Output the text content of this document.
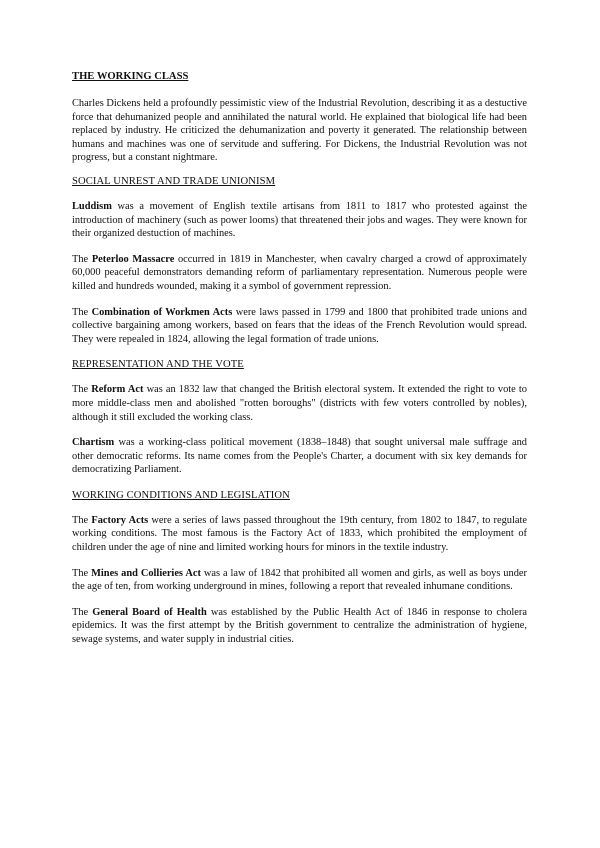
THE WORKING CLASS

Charles Dickens held a profoundly pessimistic view of the Industrial Revolution, describing it as a destuctive force that dehumanized people and annihilated the natural world. He explained that biological life had been replaced by industry. He criticized the dehumanization and poverty it generated. The relationship between humans and machines was one of servitude and suffering. For Dickens, the Industrial Revolution was not progress, but a constant nightmare.

SOCIAL UNREST AND TRADE UNIONISM

Luddism was a movement of English textile artisans from 1811 to 1817 who protested against the introduction of machinery (such as power looms) that threatened their jobs and wages. They were known for their organized destuction of machines.

The Peterloo Massacre occurred in 1819 in Manchester, when cavalry charged a crowd of approximately 60,000 peaceful demonstrators demanding reform of parliamentary representation. Numerous people were killed and hundreds wounded, making it a symbol of government repression.

The Combination of Workmen Acts were laws passed in 1799 and 1800 that prohibited trade unions and collective bargaining among workers, based on fears that the ideas of the French Revolution would spread. They were repealed in 1824, allowing the legal formation of trade unions.

REPRESENTATION AND THE VOTE

The Reform Act was an 1832 law that changed the British electoral system. It extended the right to vote to more middle-class men and abolished "rotten boroughs" (districts with few voters controlled by nobles), although it still excluded the working class.

Chartism was a working-class political movement (1838–1848) that sought universal male suffrage and other democratic reforms. Its name comes from the People's Charter, a document with six key demands for democratizing Parliament.

WORKING CONDITIONS AND LEGISLATION

The Factory Acts were a series of laws passed throughout the 19th century, from 1802 to 1847, to regulate working conditions. The most famous is the Factory Act of 1833, which prohibited the employment of children under the age of nine and limited working hours for minors in the textile industry.

The Mines and Collieries Act was a law of 1842 that prohibited all women and girls, as well as boys under the age of ten, from working underground in mines, following a report that revealed inhumane conditions.

The General Board of Health was established by the Public Health Act of 1846 in response to cholera epidemics. It was the first attempt by the British government to centralize the administration of hygiene, sewage systems, and water supply in industrial cities.
